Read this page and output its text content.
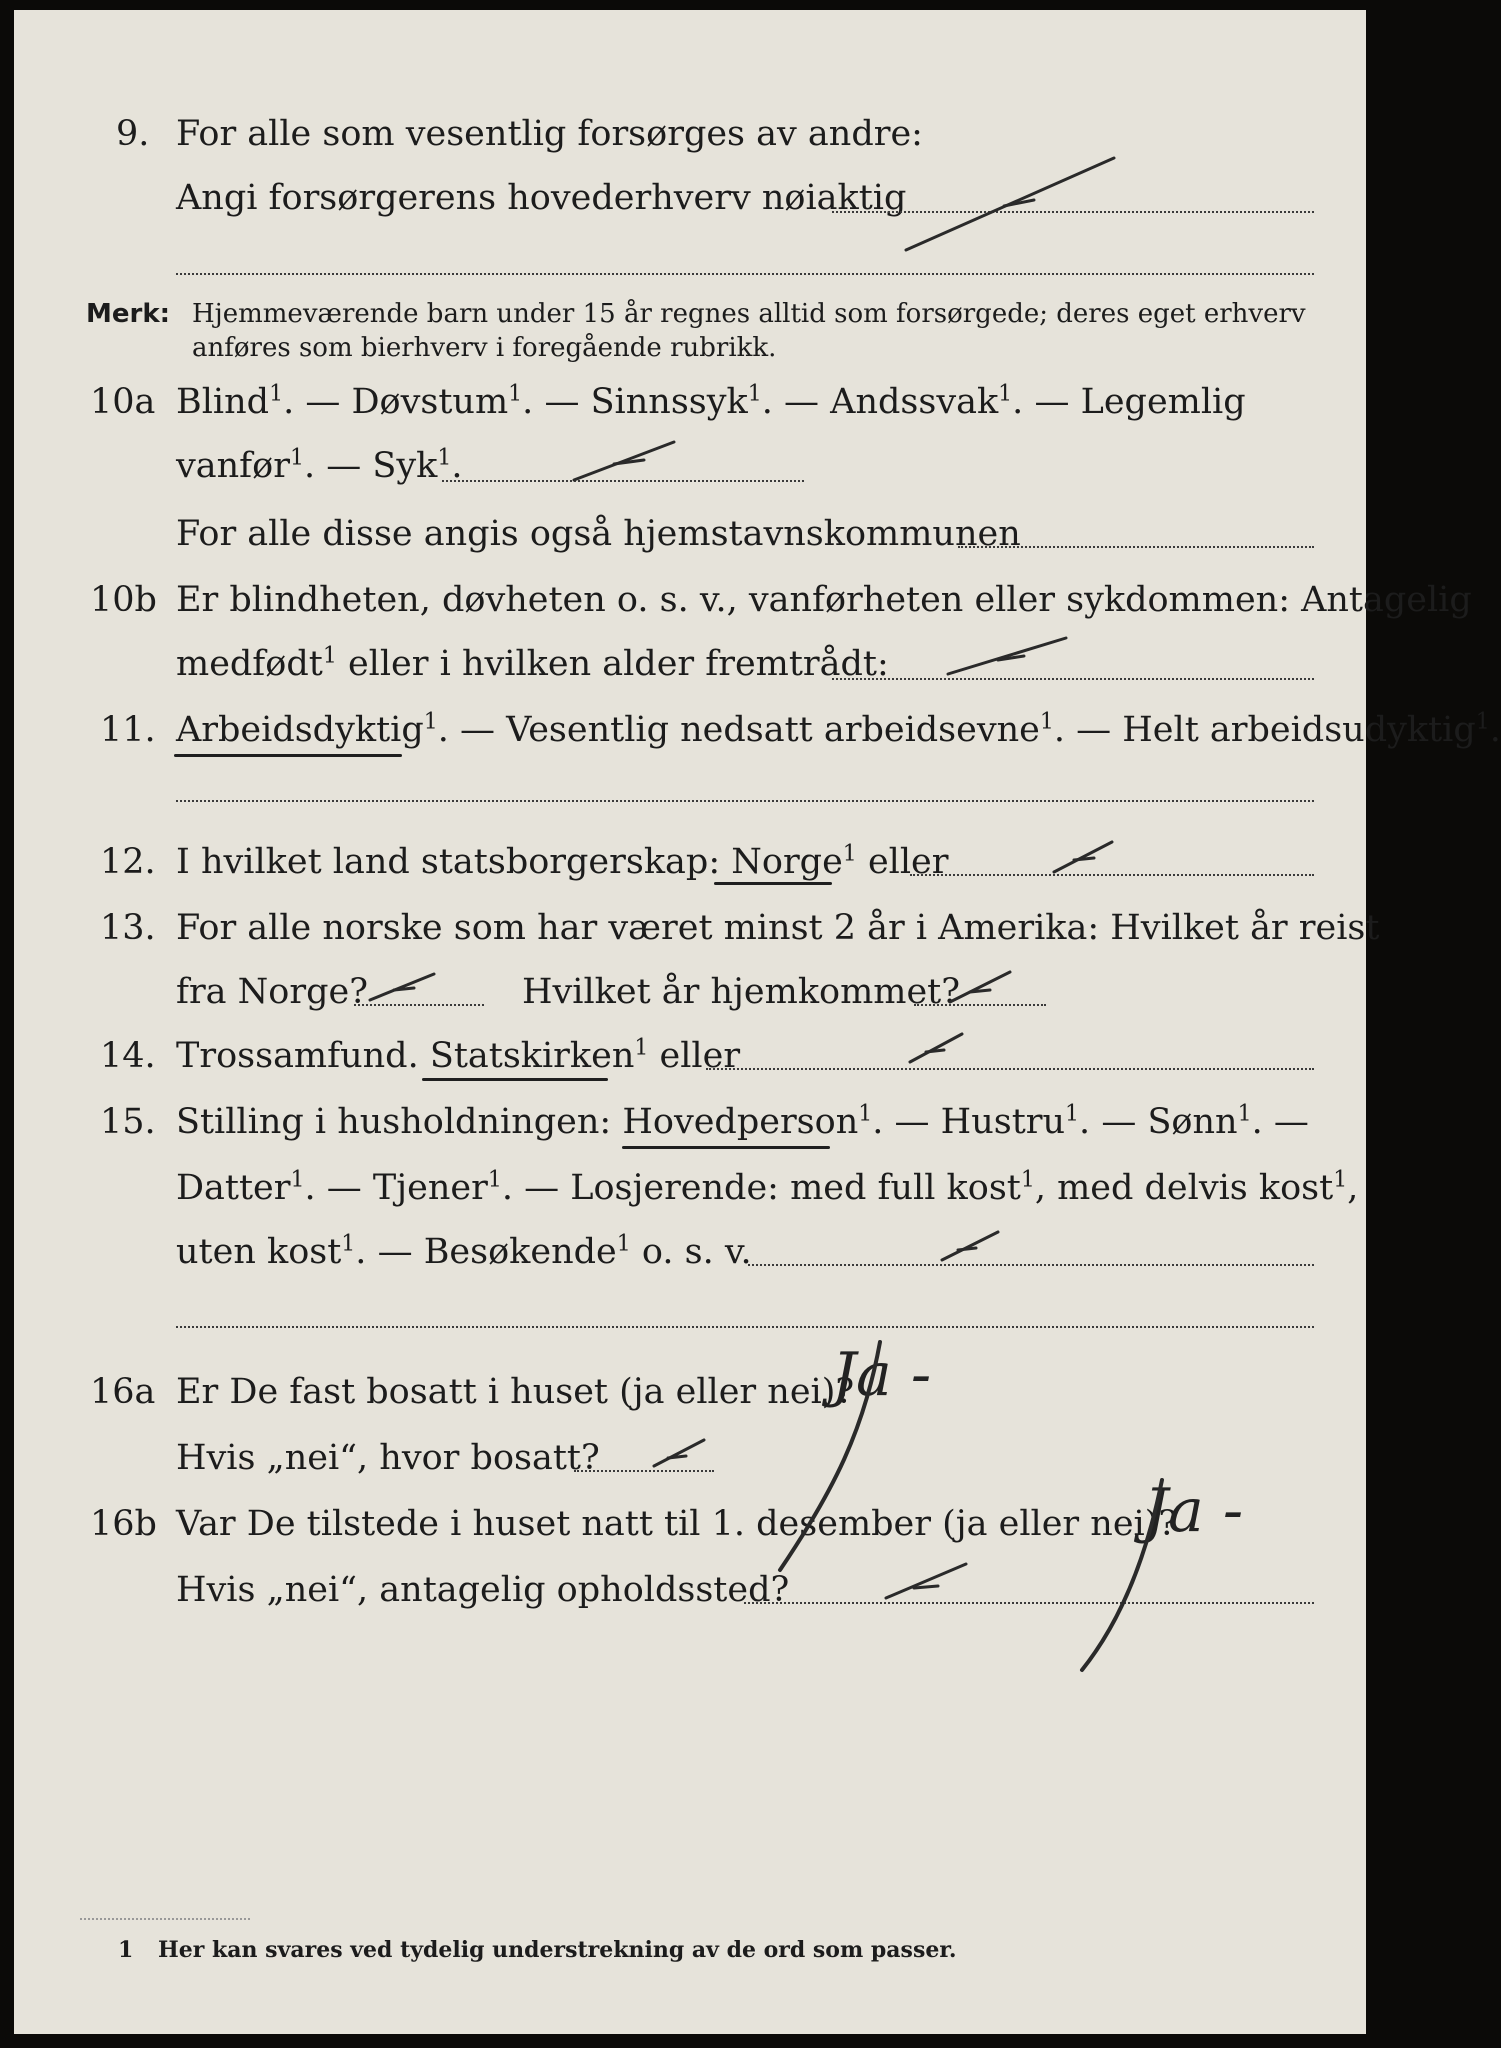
9. For alle som vesentlig forsørges av andre:
Angi forsørgerens hovederhverv nøiaktig
Merk: Hjemmeværende barn under 15 år regnes alltid som forsørgede; deres eget erhverv
anføres som bierhverv i foregående rubrikk.
10a Blind$^1$. — Døvstum$^1$. — Sinnssyk$^1$. — Andssvak$^1$. — Legemlig
vanfør$^1$. — Syk$^1$.
For alle disse angis også hjemstavnskommunen
10b Er blindheten, døvheten o. s. v., vanførheten eller sykdommen: Antagelig
medfødt$^1$ eller i hvilken alder fremtrådt:
11. Arbeidsdyktig$^1$. — Vesentlig nedsatt arbeidsevne$^1$. — Helt arbeidsudyktig$^1$.
12. I hvilket land statsborgerskap: Norge$^1$ eller
13. For alle norske som har været minst 2 år i Amerika: Hvilket år reist
fra Norge?	Hvilket år hjemkommet?
14. Trossamfund. Statskirken$^1$ eller
15. Stilling i husholdningen: Hovedperson$^1$. — Hustru$^1$. — Sønn$^1$. —
Datter$^1$. — Tjener$^1$. — Losjerende: med full kost$^1$, med delvis kost$^1$,
uten kost$^1$. — Besøkende$^1$ o. s. v.
16a Er De fast bosatt i huset (ja eller nei)?
Ja -
Hvis „nei“, hvor bosatt?
16b Var De tilstede i huset natt til 1. desember (ja eller nei)?
Ja -
Hvis „nei“, antagelig opholdssted?
1 Her kan svares ved tydelig understrekning av de ord som passer.
